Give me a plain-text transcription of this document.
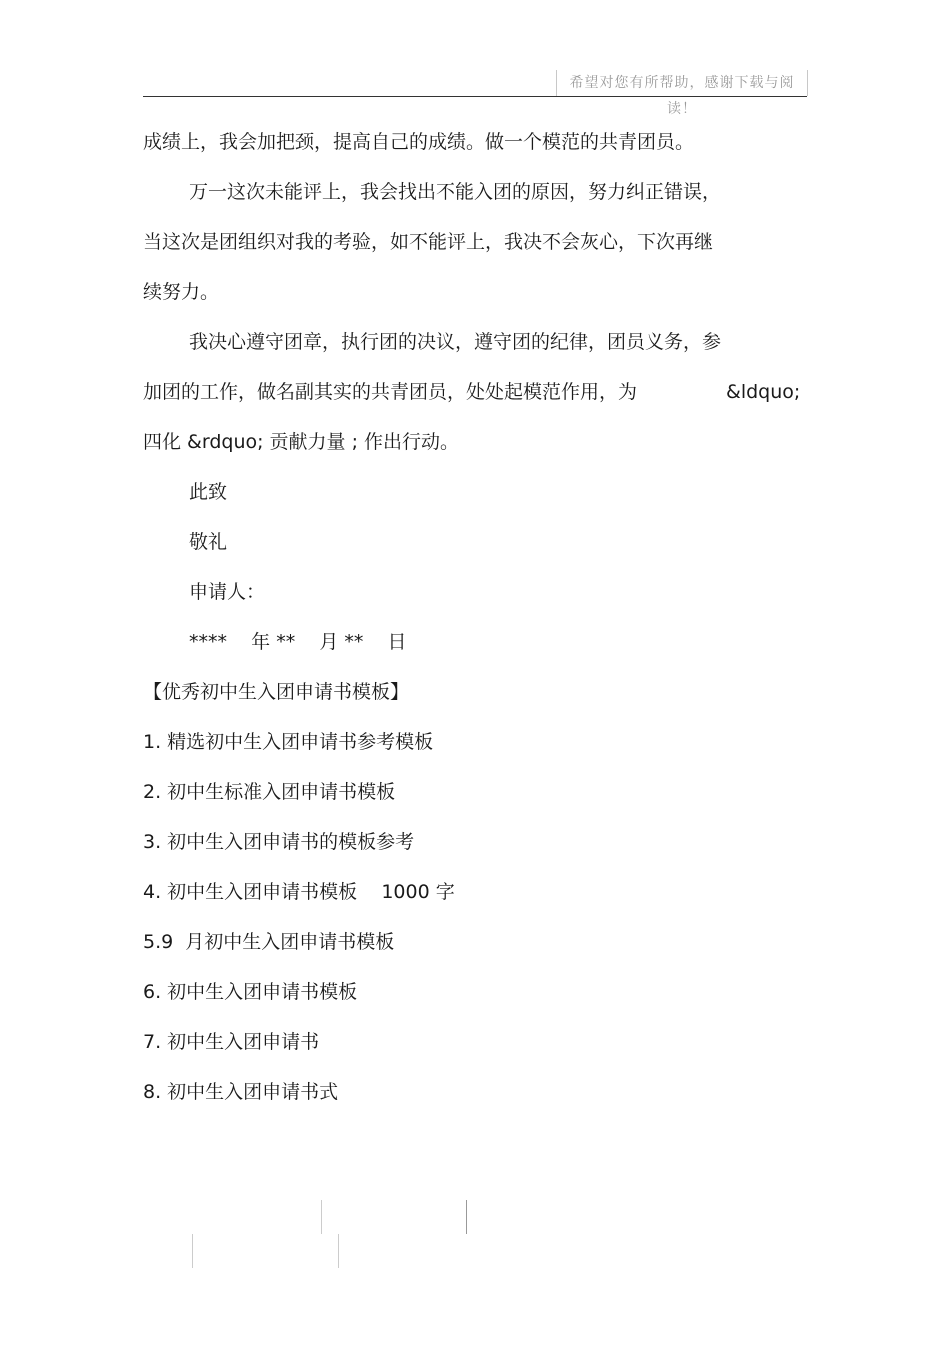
希望对您有所帮助，感谢下载与阅读！
成绩上，我会加把颈，提高自己的成绩。做一个模范的共青团员。
万一这次未能评上，我会找出不能入团的原因，努力纠正错误，
当这次是团组织对我的考验，如不能评上，我决不会灰心，下次再继
续努力。
我决心遵守团章，执行团的决议，遵守团的纪律，团员义务，参
加团的工作，做名副其实的共青团员，处处起模范作用，为	&ldquo;
四化 &rdquo; 贡献力量 ; 作出行动。
此致
敬礼
申请人：
****    年 **    月 **    日
【优秀初中生入团申请书模板】
1. 精选初中生入团申请书参考模板
2. 初中生标准入团申请书模板
3. 初中生入团申请书的模板参考
4. 初中生入团申请书模板    1000 字
5.9  月初中生入团申请书模板
6. 初中生入团申请书模板
7. 初中生入团申请书
8. 初中生入团申请书式
